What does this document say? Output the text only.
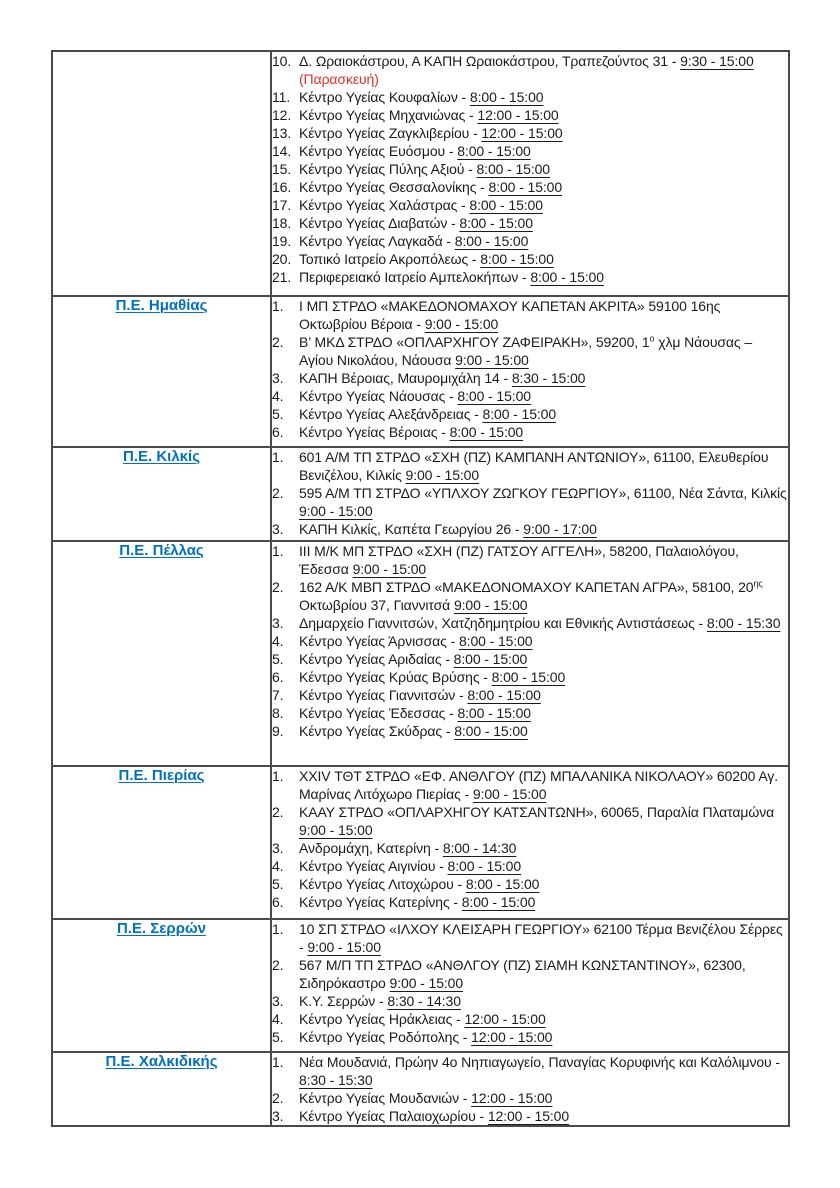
10. Δ. Ωραιοκάστρου, Α ΚΑΠΗ Ωραιοκάστρου, Τραπεζούντος 31 - 9:30 - 15:00
(Παρασκευή)
11. Κέντρο Υγείας Κουφαλίων - 8:00 - 15:00
12. Κέντρο Υγείας Μηχανιώνας - 12:00 - 15:00
13. Κέντρο Υγείας Ζαγκλιβερίου - 12:00 - 15:00
14. Κέντρο Υγείας Ευόσμου - 8:00 - 15:00
15. Κέντρο Υγείας Πύλης Αξιού - 8:00 - 15:00
16. Κέντρο Υγείας Θεσσαλονίκης - 8:00 - 15:00
17. Κέντρο Υγείας Χαλάστρας - 8:00 - 15:00
18. Κέντρο Υγείας Διαβατών - 8:00 - 15:00
19. Κέντρο Υγείας Λαγκαδά - 8:00 - 15:00
20. Τοπικό Ιατρείο Ακροπόλεως - 8:00 - 15:00
21. Περιφερειακό Ιατρείο Αμπελοκήπων - 8:00 - 15:00

Π.Ε. Ημαθίας	1.	Ι ΜΠ ΣΤΡΔΟ «ΜΑΚΕΔΟΝΟΜΑΧΟΥ ΚΑΠΕΤΑΝ ΑΚΡΙΤΑ» 59100 16ης Οκτωβρίου Βέροια - 9:00 - 15:00
2.	Β’ ΜΚΔ ΣΤΡΔΟ «ΟΠΛΑΡΧΗΓΟΥ ΖΑΦΕΙΡΑΚΗ», 59200, $1^o$ χλμ Νάουσας – Αγίου Νικολάου, Νάουσα 9:00 - 15:00
3.	ΚΑΠΗ Βέροιας, Μαυρομιχάλη 14 - 8:30 - 15:00
4.	Κέντρο Υγείας Νάουσας - 8:00 - 15:00
5.	Κέντρο Υγείας Αλεξάνδρειας - 8:00 - 15:00
6.	Κέντρο Υγείας Βέροιας - 8:00 - 15:00

Π.Ε. Κιλκίς	1.	601 Α/Μ ΤΠ ΣΤΡΔΟ «ΣΧΗ (ΠΖ) ΚΑΜΠΑΝΗ ΑΝΤΩΝΙΟΥ», 61100, Ελευθερίου Βενιζέλου, Κιλκίς 9:00 - 15:00
2.	595 Α/Μ ΤΠ ΣΤΡΔΟ «ΥΠΛΧΟΥ ΖΩΓΚΟΥ ΓΕΩΡΓΙΟΥ», 61100, Νέα Σάντα, Κιλκίς 9:00 - 15:00
3.	ΚΑΠΗ Κιλκίς, Καπέτα Γεωργίου 26 - 9:00 - 17:00

Π.Ε. Πέλλας	1.	ΙΙΙ Μ/Κ ΜΠ ΣΤΡΔΟ «ΣΧΗ (ΠΖ) ΓΑΤΣΟΥ ΑΓΓΕΛΗ», 58200, Παλαιολόγου, Έδεσσα 9:00 - 15:00
2.	162 Α/Κ ΜΒΠ ΣΤΡΔΟ «ΜΑΚΕΔΟΝΟΜΑΧΟΥ ΚΑΠΕΤΑΝ ΑΓΡΑ», 58100, $20^{\eta\varsigma}$ Οκτωβρίου 37, Γιαννιτσά 9:00 - 15:00
3.	Δημαρχείο Γιαννιτσών, Χατζηδημητρίου και Εθνικής Αντιστάσεως - 8:00 - 15:30
4.	Κέντρο Υγείας Άρνισσας - 8:00 - 15:00
5.	Κέντρο Υγείας Αριδαίας - 8:00 - 15:00
6.	Κέντρο Υγείας Κρύας Βρύσης - 8:00 - 15:00
7.	Κέντρο Υγείας Γιαννιτσών - 8:00 - 15:00
8.	Κέντρο Υγείας Έδεσσας - 8:00 - 15:00
9.	Κέντρο Υγείας Σκύδρας - 8:00 - 15:00

Π.Ε. Πιερίας	1.	XXIV ΤΘΤ ΣΤΡΔΟ «ΕΦ. ΑΝΘΛΓΟΥ (ΠΖ) ΜΠΑΛΑΝΙΚΑ ΝΙΚΟΛΑΟΥ» 60200 Αγ. Μαρίνας Λιτόχωρο Πιερίας - 9:00 - 15:00
2.	ΚΑΑΥ ΣΤΡΔΟ «ΟΠΛΑΡΧΗΓΟΥ ΚΑΤΣΑΝΤΩΝΗ», 60065, Παραλία Πλαταμώνα 9:00 - 15:00
3.	Ανδρομάχη, Κατερίνη - 8:00 - 14:30
4.	Κέντρο Υγείας Αιγινίου - 8:00 - 15:00
5.	Κέντρο Υγείας Λιτοχώρου - 8:00 - 15:00
6.	Κέντρο Υγείας Κατερίνης - 8:00 - 15:00

Π.Ε. Σερρών	1.	10 ΣΠ ΣΤΡΔΟ «ΙΛΧΟΥ ΚΛΕΙΣΑΡΗ ΓΕΩΡΓΙΟΥ» 62100 Τέρμα Βενιζέλου Σέρρες - 9:00 - 15:00
2.	567 Μ/Π ΤΠ ΣΤΡΔΟ «ΑΝΘΛΓΟΥ (ΠΖ) ΣΙΑΜΗ ΚΩΝΣΤΑΝΤΙΝΟΥ», 62300, Σιδηρόκαστρο 9:00 - 15:00
3.	Κ.Υ. Σερρών - 8:30 - 14:30
4.	Κέντρο Υγείας Ηράκλειας - 12:00 - 15:00
5.	Κέντρο Υγείας Ροδόπολης - 12:00 - 15:00

Π.Ε. Χαλκιδικής	1.	Νέα Μουδανιά, Πρώην 4ο Νηπιαγωγείο, Παναγίας Κορυφινής και Καλόλιμνου - 8:30 - 15:30
2.	Κέντρο Υγείας Μουδανιών - 12:00 - 15:00
3.	Κέντρο Υγείας Παλαιοχωρίου - 12:00 - 15:00
